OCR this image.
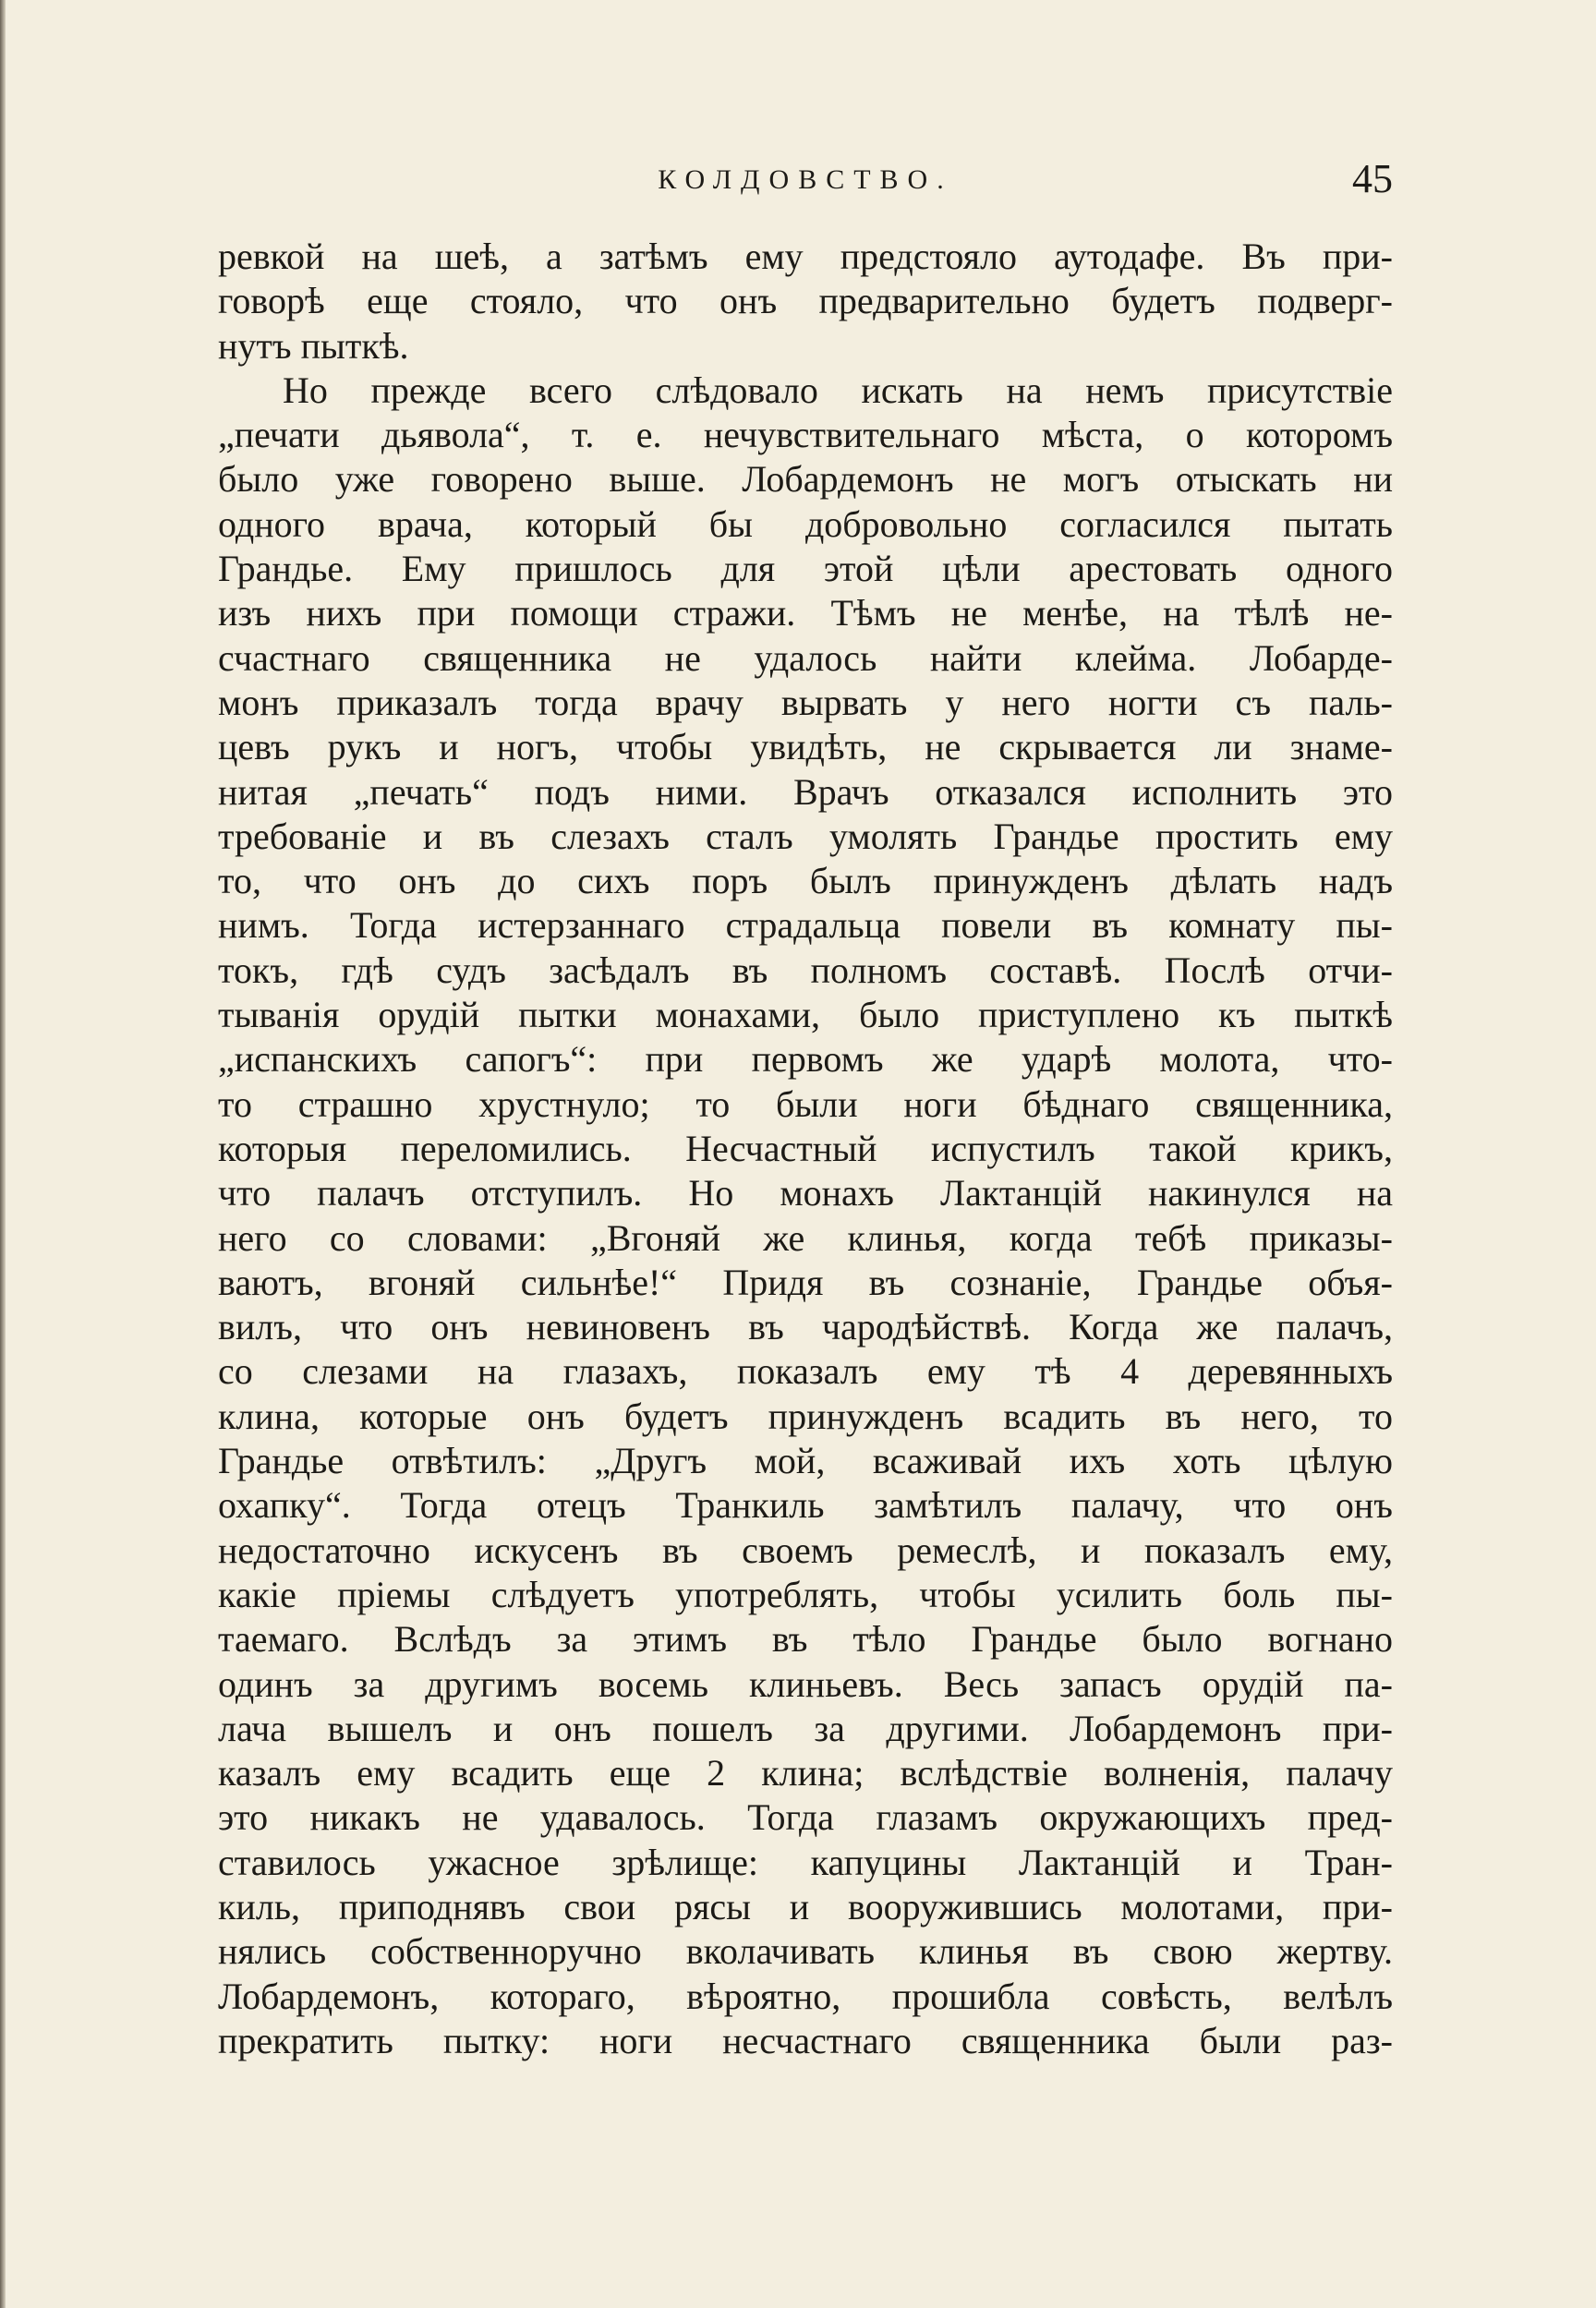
КОЛДОВСТВО.	45
ревкой на шеѣ, а затѣмъ ему предстояло аутодафе. Въ при-
говорѣ еще стояло, что онъ предварительно будетъ подверг-
нутъ пыткѣ.
Но прежде всего слѣдовало искать на немъ присутствіе
„печати дьявола“, т. е. нечувствительнаго мѣста, о которомъ
было уже говорено выше. Лобардемонъ не могъ отыскать ни
одного врача, который бы добровольно согласился пытать
Грандье. Ему пришлось для этой цѣли арестовать одного
изъ нихъ при помощи стражи. Тѣмъ не менѣе, на тѣлѣ не-
счастнаго священника не удалось найти клейма. Лобарде-
монъ приказалъ тогда врачу вырвать у него ногти съ паль-
цевъ рукъ и ногъ, чтобы увидѣть, не скрывается ли знаме-
нитая „печать“ подъ ними. Врачъ отказался исполнить это
требованіе и въ слезахъ сталъ умолять Грандье простить ему
то, что онъ до сихъ поръ былъ принужденъ дѣлать надъ
нимъ. Тогда истерзаннаго страдальца повели въ комнату пы-
токъ, гдѣ судъ засѣдалъ въ полномъ составѣ. Послѣ отчи-
тыванія орудій пытки монахами, было приступлено къ пыткѣ
„испанскихъ сапогъ“: при первомъ же ударѣ молота, что-
то страшно хрустнуло; то были ноги бѣднаго священника,
которыя переломились. Несчастный испустилъ такой крикъ,
что палачъ отступилъ. Но монахъ Лактанцій накинулся на
него со словами: „Вгоняй же клинья, когда тебѣ приказы-
ваютъ, вгоняй сильнѣе!“ Придя въ сознаніе, Грандье объя-
вилъ, что онъ невиновенъ въ чародѣйствѣ. Когда же палачъ,
со слезами на глазахъ, показалъ ему тѣ 4 деревянныхъ
клина, которые онъ будетъ принужденъ всадить въ него, то
Грандье отвѣтилъ: „Другъ мой, всаживай ихъ хоть цѣлую
охапку“. Тогда отецъ Транкиль замѣтилъ палачу, что онъ
недостаточно искусенъ въ своемъ ремеслѣ, и показалъ ему,
какіе пріемы слѣдуетъ употреблять, чтобы усилить боль пы-
таемаго. Вслѣдъ за этимъ въ тѣло Грандье было вогнано
одинъ за другимъ восемь клиньевъ. Весь запасъ орудій па-
лача вышелъ и онъ пошелъ за другими. Лобардемонъ при-
казалъ ему всадить еще 2 клина; вслѣдствіе волненія, палачу
это никакъ не удавалось. Тогда глазамъ окружающихъ пред-
ставилось ужасное зрѣлище: капуцины Лактанцій и Тран-
киль, приподнявъ свои рясы и вооружившись молотами, при-
нялись собственноручно вколачивать клинья въ свою жертву.
Лобардемонъ, котораго, вѣроятно, прошибла совѣсть, велѣлъ
прекратить пытку: ноги несчастнаго священника были раз-
